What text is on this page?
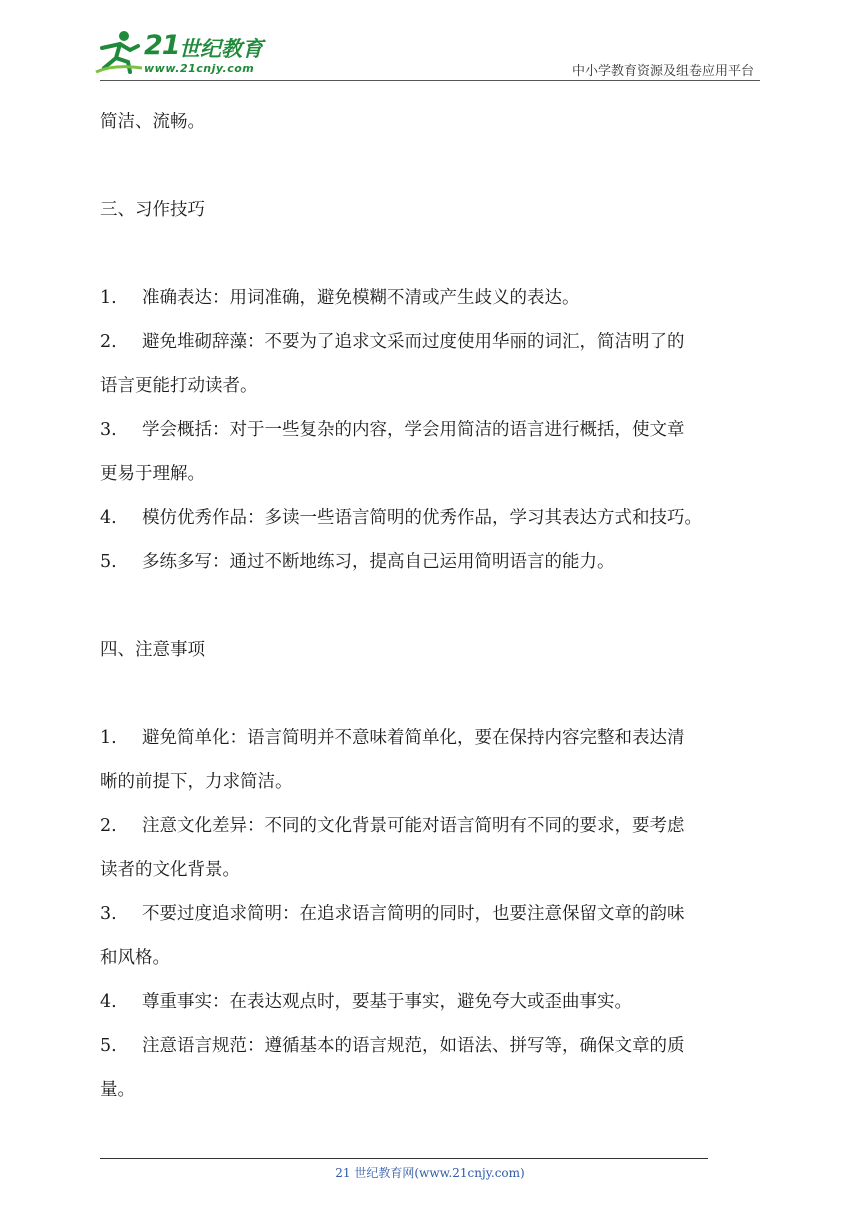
21 世纪教育
www.21cnjy.com	中小学教育资源及组卷应用平台
简洁、流畅。
三、习作技巧
1. 准确表达：用词准确，避免模糊不清或产生歧义的表达。
2. 避免堆砌辞藻：不要为了追求文采而过度使用华丽的词汇，简洁明了的
语言更能打动读者。
3. 学会概括：对于一些复杂的内容，学会用简洁的语言进行概括，使文章
更易于理解。
4. 模仿优秀作品：多读一些语言简明的优秀作品，学习其表达方式和技巧。
5. 多练多写：通过不断地练习，提高自己运用简明语言的能力。
四、注意事项
1. 避免简单化：语言简明并不意味着简单化，要在保持内容完整和表达清
晰的前提下，力求简洁。
2. 注意文化差异：不同的文化背景可能对语言简明有不同的要求，要考虑
读者的文化背景。
3. 不要过度追求简明：在追求语言简明的同时，也要注意保留文章的韵味
和风格。
4. 尊重事实：在表达观点时，要基于事实，避免夸大或歪曲事实。
5. 注意语言规范：遵循基本的语言规范，如语法、拼写等，确保文章的质
量。
21 世纪教育网(www.21cnjy.com)
